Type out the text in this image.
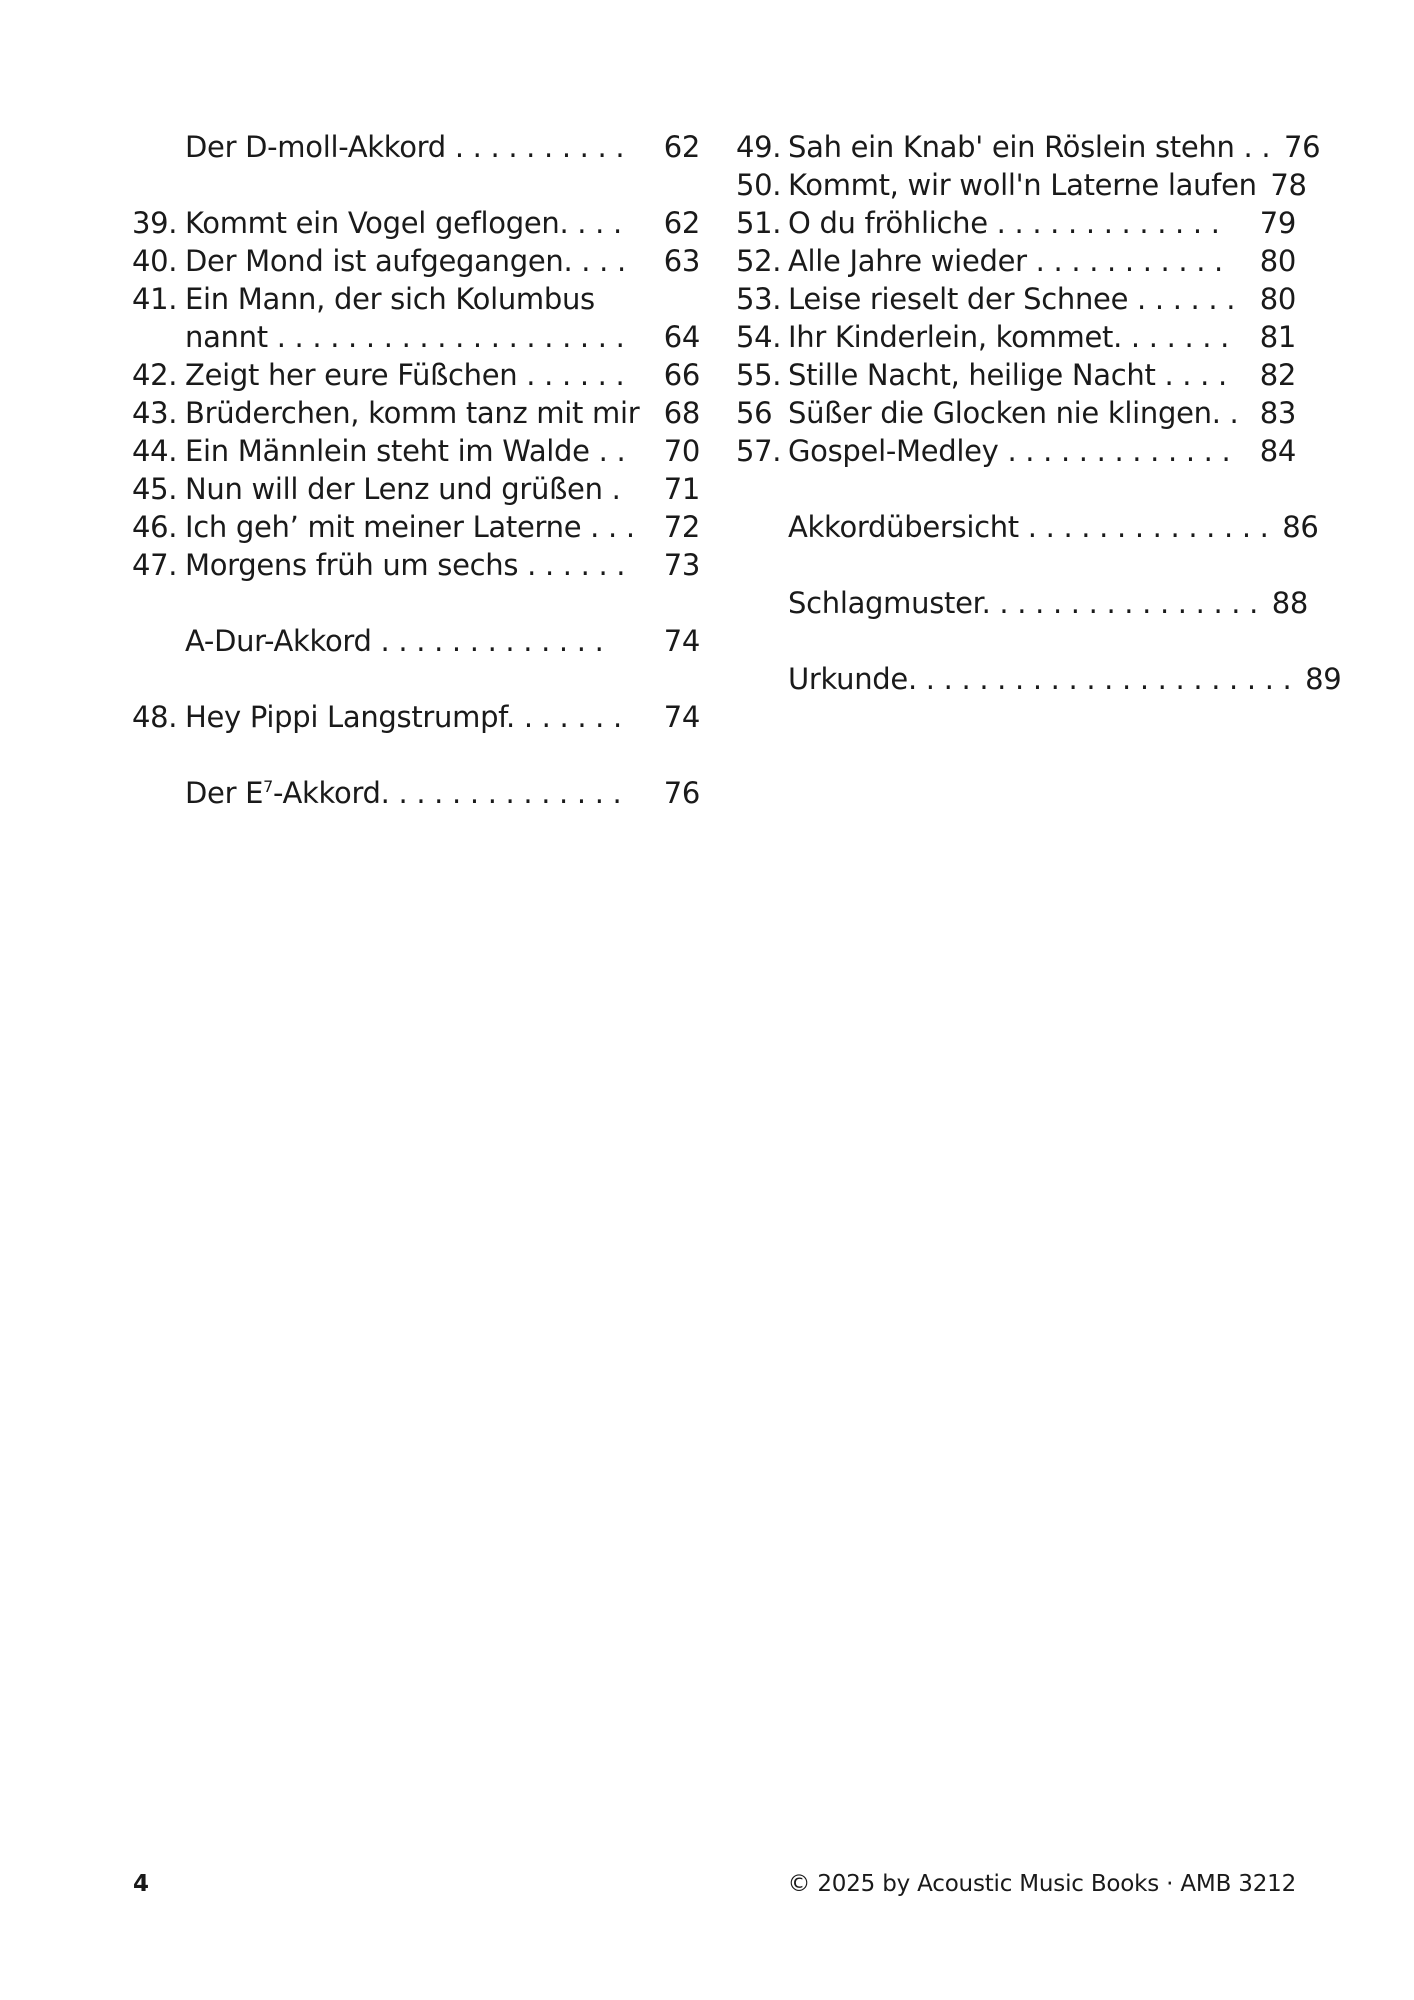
Der D-moll-Akkord . . . . . . . . . .	62
39. Kommt ein Vogel geflogen. . . .	62
40. Der Mond ist aufgegangen. . . .	63
41. Ein Mann, der sich Kolumbus
nannt . . . . . . . . . . . . . . . . . . . .	64
42. Zeigt her eure Füßchen . . . . . .	66
43. Brüderchen, komm tanz mit mir 68
44. Ein Männlein steht im Walde . .	70
45. Nun will der Lenz und grüßen .	71
46. Ich geh’ mit meiner Laterne . . . 72
47. Morgens früh um sechs . . . . . .	73
A-Dur-Akkord . . . . . . . . . . . . .	74
48. Hey Pippi Langstrumpf. . . . . . .	74
Der $E^7$-Akkord. . . . . . . . . . . . . .	76
49. Sah ein Knab' ein Röslein stehn . . 76
50. Kommt, wir woll'n Laterne laufen 78
51. O du fröhliche . . . . . . . . . . . . .	79
52. Alle Jahre wieder . . . . . . . . . . .	80
53. Leise rieselt der Schnee . . . . . . 80
54. Ihr Kinderlein, kommet. . . . . . .	81
55. Stille Nacht, heilige Nacht . . . .	82
56 Süßer die Glocken nie klingen. . 83
57. Gospel-Medley . . . . . . . . . . . . .	84
Akkordübersicht . . . . . . . . . . . . . . 86
Schlagmuster. . . . . . . . . . . . . . . . 88
Urkunde. . . . . . . . . . . . . . . . . . . . . . 89
4	© 2025 by Acoustic Music Books · AMB 3212
